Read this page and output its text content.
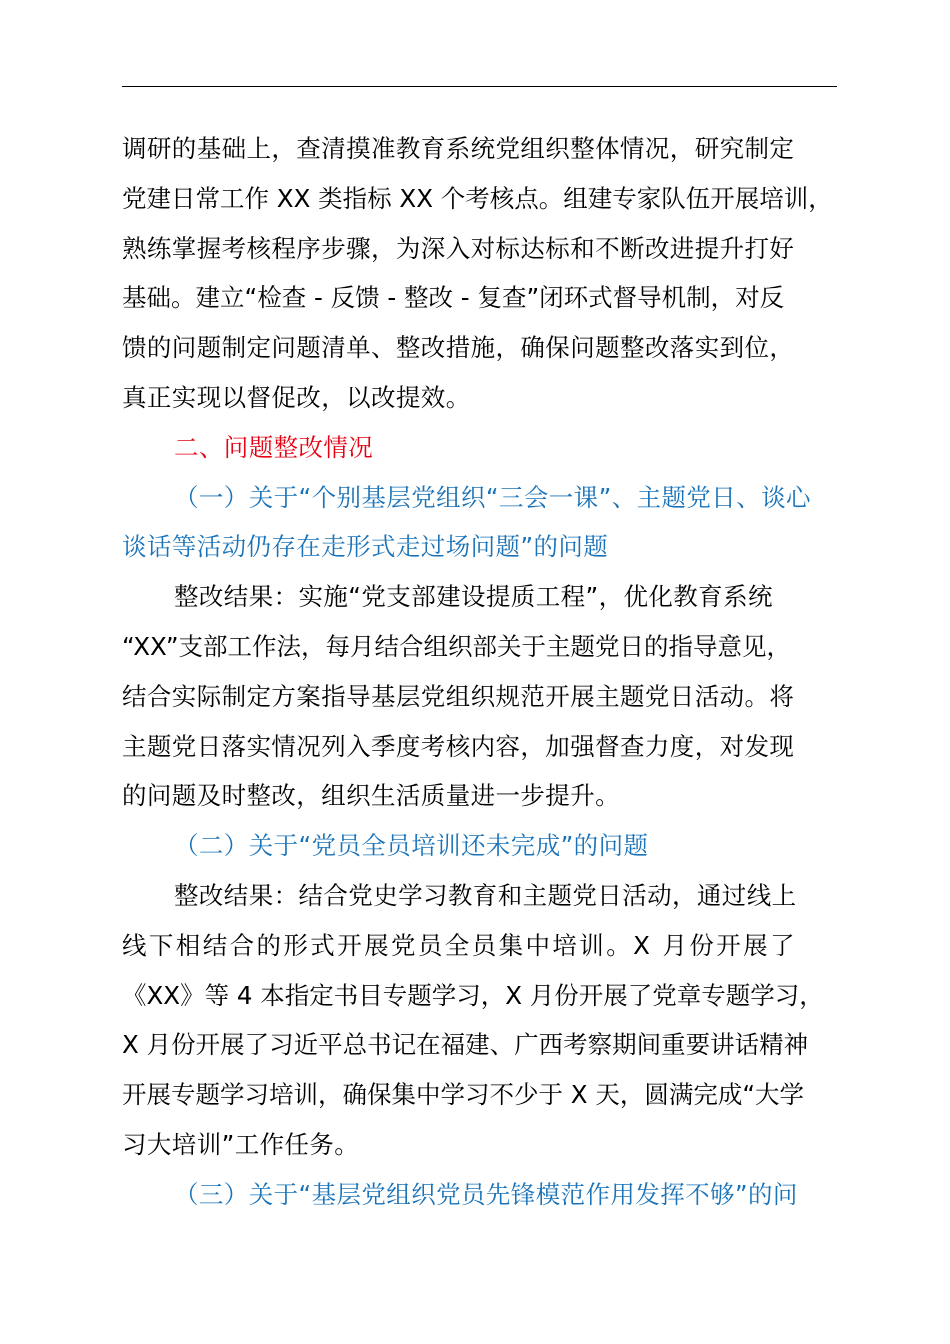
调研的基础上，查清摸准教育系统党组织整体情况，研究制定
党建日常工作 XX 类指标 XX 个考核点。组建专家队伍开展培训，
熟练掌握考核程序步骤，为深入对标达标和不断改进提升打好
基础。建立“检查 - 反馈 - 整改 - 复查”闭环式督导机制，对反
馈的问题制定问题清单、整改措施，确保问题整改落实到位，
真正实现以督促改，以改提效。
二、问题整改情况
（一）关于“个别基层党组织“三会一课”、主题党日、谈心
谈话等活动仍存在走形式走过场问题”的问题
整改结果：实施“党支部建设提质工程”，优化教育系统
“XX”支部工作法，每月结合组织部关于主题党日的指导意见，
结合实际制定方案指导基层党组织规范开展主题党日活动。将
主题党日落实情况列入季度考核内容，加强督查力度，对发现
的问题及时整改，组织生活质量进一步提升。
（二）关于“党员全员培训还未完成”的问题
整改结果：结合党史学习教育和主题党日活动，通过线上
线下相结合的形式开展党员全员集中培训。X 月份开展了
《XX》等 4 本指定书目专题学习，X 月份开展了党章专题学习，
X 月份开展了习近平总书记在福建、广西考察期间重要讲话精神
开展专题学习培训，确保集中学习不少于 X 天，圆满完成“大学
习大培训”工作任务。
（三）关于“基层党组织党员先锋模范作用发挥不够”的问
